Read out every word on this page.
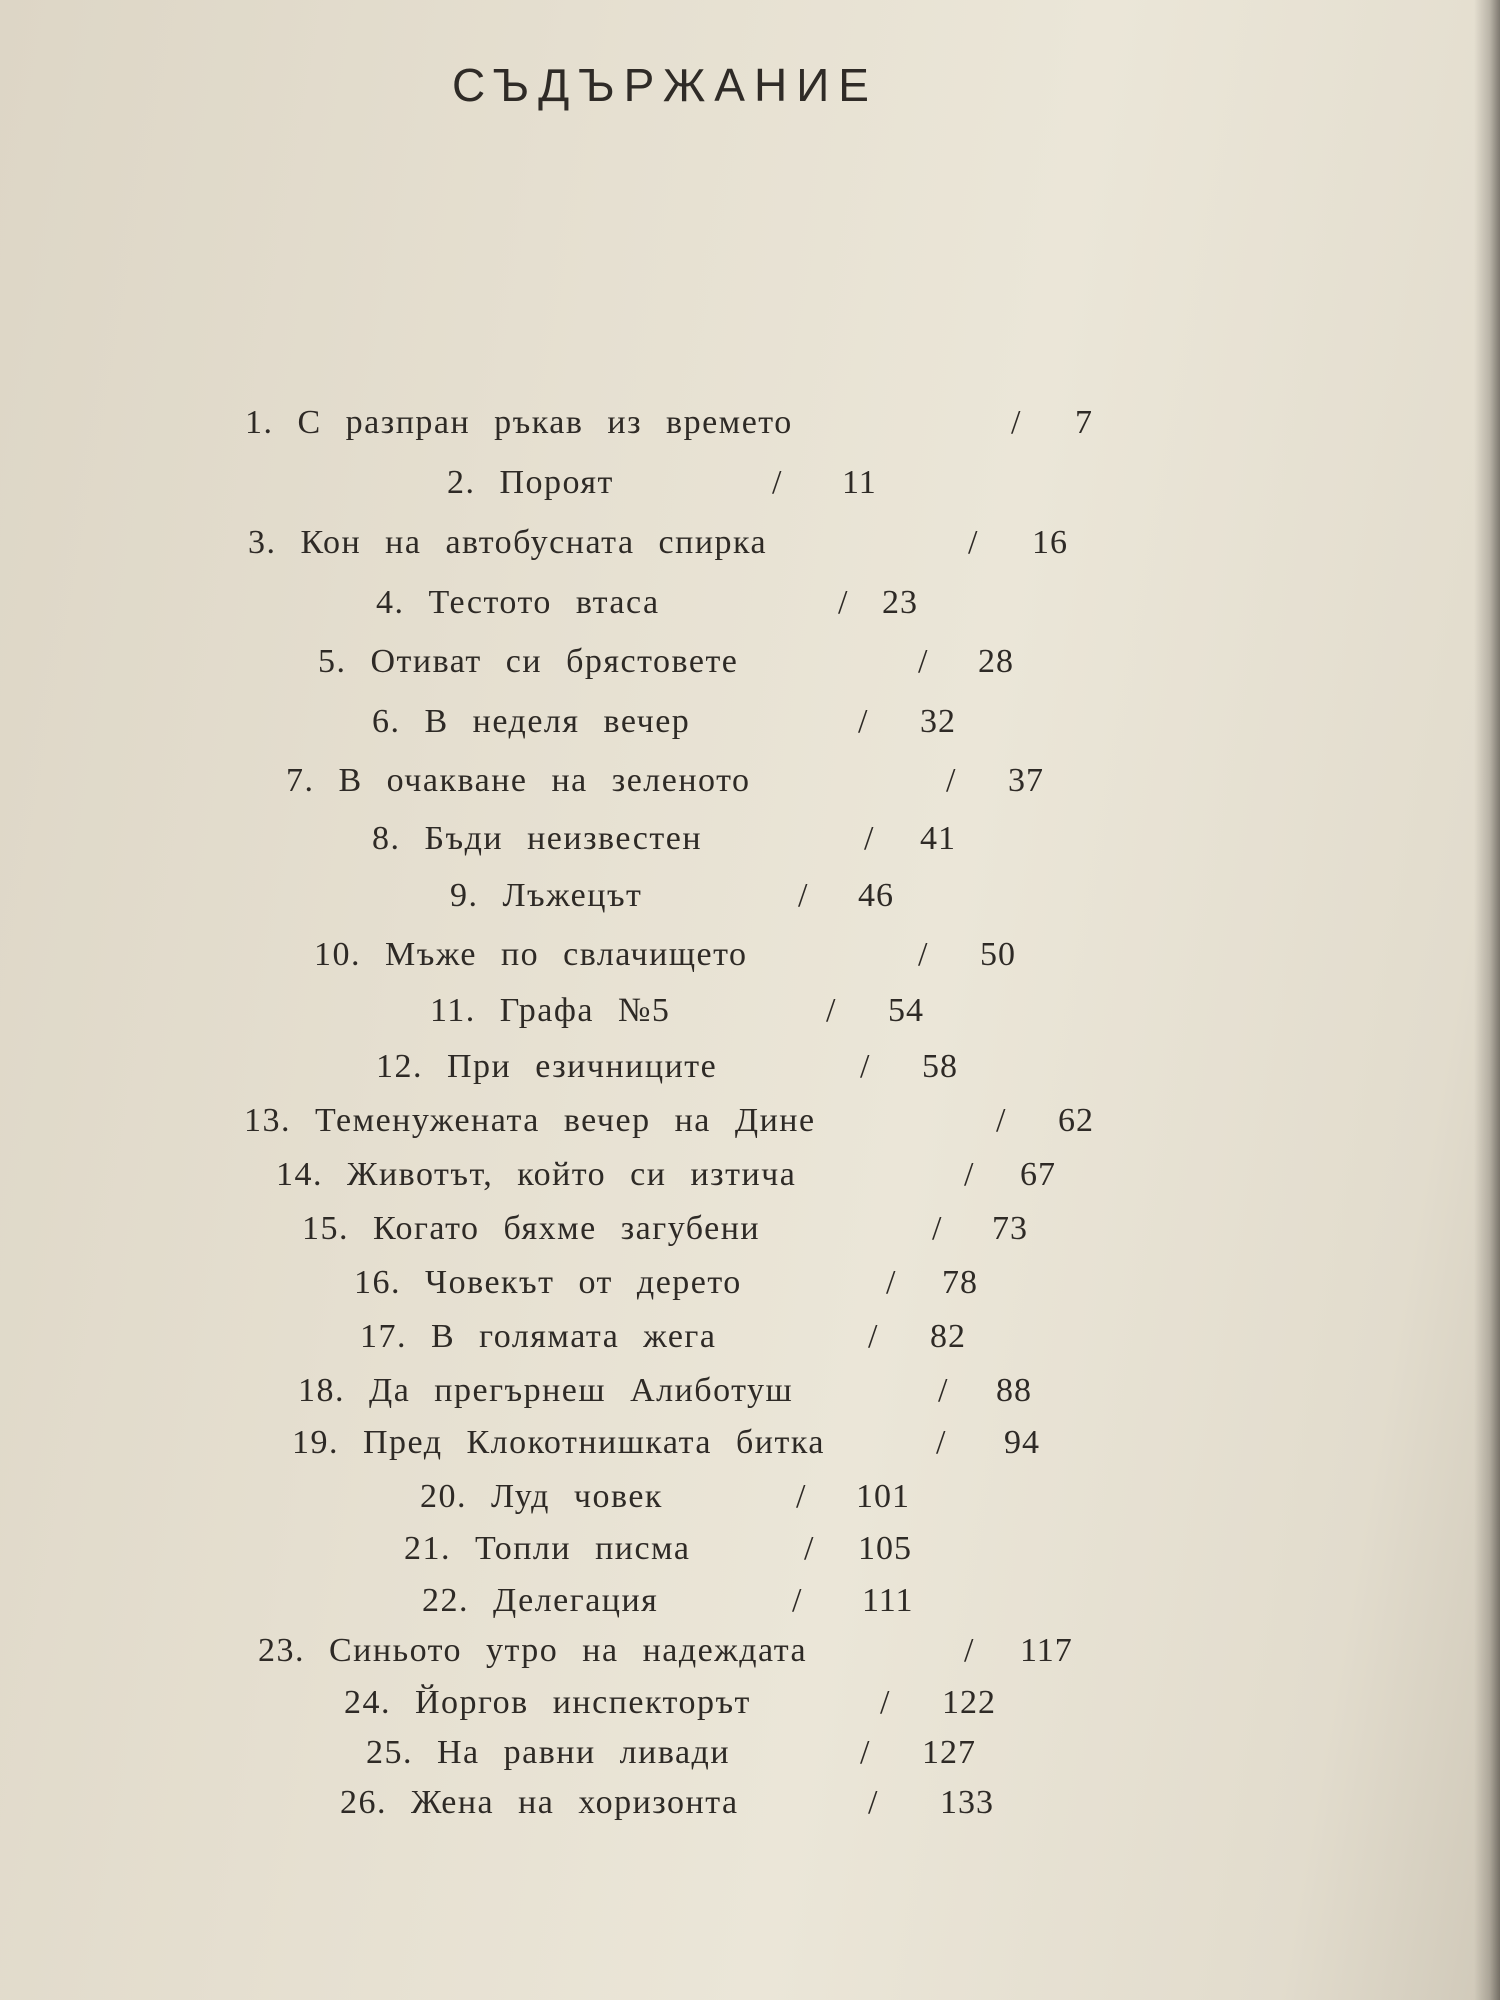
СЪДЪРЖАНИЕ
1. С разпран ръкав из времето	/ 7
2. Пороят	/ 11
3. Кон на автобусната спирка	/ 16
4. Тестото втаса	/ 23
5. Отиват си брястовете	/ 28
6. В неделя вечер	/ 32
7. В очакване на зеленото	/ 37
8. Бъди неизвестен	/ 41
9. Лъжецът	/ 46
10. Мъже по свлачището	/ 50
11. Графа №5	/ 54
12. При езичниците	/ 58
13. Теменужената вечер на Дине	/ 62
14. Животът, който си изтича	/ 67
15. Когато бяхме загубени	/ 73
16. Човекът от дерето	/ 78
17. В голямата жега	/ 82
18. Да прегърнеш Алиботуш	/ 88
19. Пред Клокотнишката битка	/ 94
20. Луд човек	/ 101
21. Топли писма	/ 105
22. Делегация	/ 111
23. Синьото утро на надеждата	/ 117
24. Йоргов инспекторът	/ 122
25. На равни ливади	/ 127
26. Жена на хоризонта	/ 133
